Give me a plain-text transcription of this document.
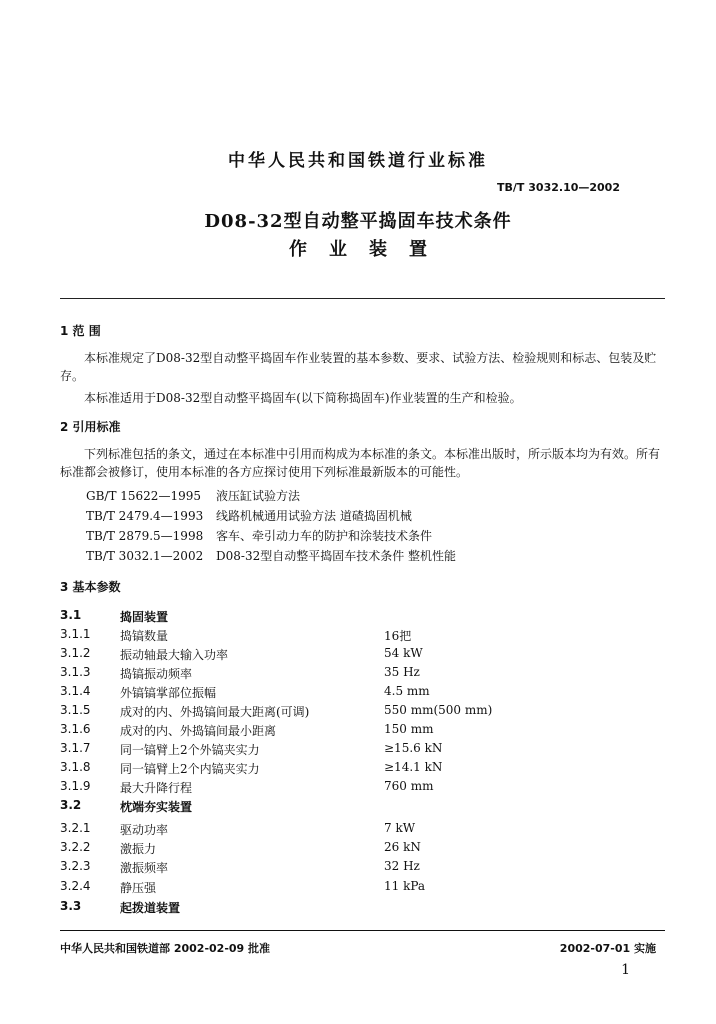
中华人民共和国铁道行业标准
TB/T 3032.10—2002
D08-32型自动整平捣固车技术条件
作业装置
1 范 围
本标准规定了D08-32型自动整平捣固车作业装置的基本参数、要求、试验方法、检验规则和标志、包装及贮存。
本标准适用于D08-32型自动整平捣固车(以下简称捣固车)作业装置的生产和检验。
2 引用标准
下列标准包括的条文，通过在本标准中引用而构成为本标准的条文。本标准出版时，所示版本均为有效。所有标准都会被修订，使用本标准的各方应探讨使用下列标准最新版本的可能性。
GB/T 15622—1995 液压缸试验方法
TB/T 2479.4—1993 线路机械通用试验方法 道碴捣固机械
TB/T 2879.5—1998 客车、牵引动力车的防护和涂装技术条件
TB/T 3032.1—2002 D08-32型自动整平捣固车技术条件 整机性能
3 基本参数
3.1	捣固装置
3.1.1 捣镐数量	16把
3.1.2 振动轴最大输入功率	54 kW
3.1.3 捣镐振动频率	35 Hz
3.1.4 外镐镐掌部位振幅	4.5 mm
3.1.5 成对的内、外捣镐间最大距离(可调)	550 mm(500 mm)
3.1.6 成对的内、外捣镐间最小距离	150 mm
3.1.7 同一镐臂上2个外镐夹实力	≥15.6 kN
3.1.8 同一镐臂上2个内镐夹实力	≥14.1 kN
3.1.9 最大升降行程	760 mm
3.2	枕端夯实装置
3.2.1 驱动功率	7 kW
3.2.2 激振力	26 kN
3.2.3 激振频率	32 Hz
3.2.4 静压强	11 kPa
3.3	起拨道装置
中华人民共和国铁道部 2002-02-09 批准	2002-07-01 实施
1
